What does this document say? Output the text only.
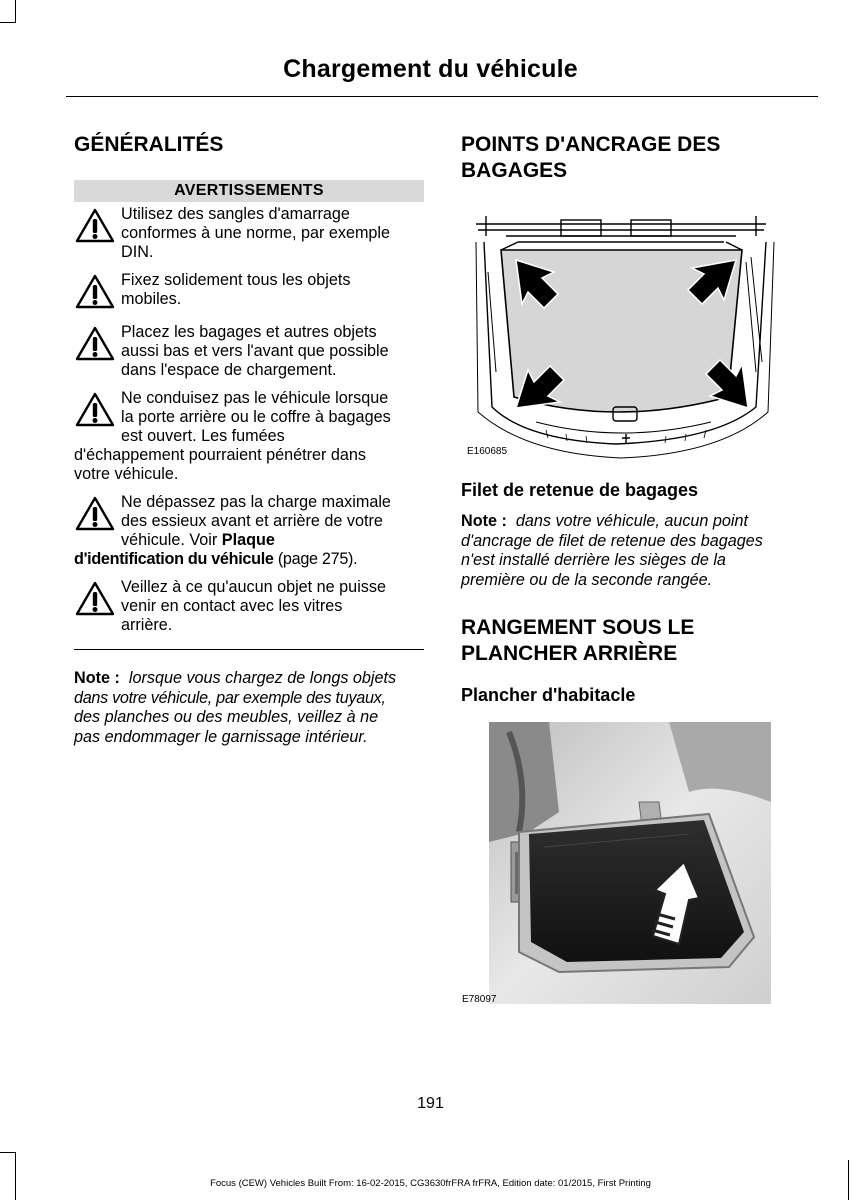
Chargement du véhicule
GÉNÉRALITÉS
AVERTISSEMENTS
Utilisez des sangles d'amarrage
conformes à une norme, par exemple
DIN.
Fixez solidement tous les objets
mobiles.
Placez les bagages et autres objets
aussi bas et vers l'avant que possible
dans l'espace de chargement.
Ne conduisez pas le véhicule lorsque
la porte arrière ou le coffre à bagages
est ouvert. Les fumées
d'échappement pourraient pénétrer dans
votre véhicule.
Ne dépassez pas la charge maximale
des essieux avant et arrière de votre
véhicule. Voir Plaque
d'identification du véhicule (page 275).
Veillez à ce qu'aucun objet ne puisse
venir en contact avec les vitres
arrière.
Note : lorsque vous chargez de longs objets
dans votre véhicule, par exemple des tuyaux,
des planches ou des meubles, veillez à ne
pas endommager le garnissage intérieur.
POINTS D'ANCRAGE DES
BAGAGES
E160685
Filet de retenue de bagages
Note : dans votre véhicule, aucun point
d'ancrage de filet de retenue des bagages
n'est installé derrière les sièges de la
première ou de la seconde rangée.
RANGEMENT SOUS LE
PLANCHER ARRIÈRE
Plancher d'habitacle
E78097
191
Focus (CEW) Vehicles Built From: 16-02-2015, CG3630frFRA frFRA, Edition date: 01/2015, First Printing
